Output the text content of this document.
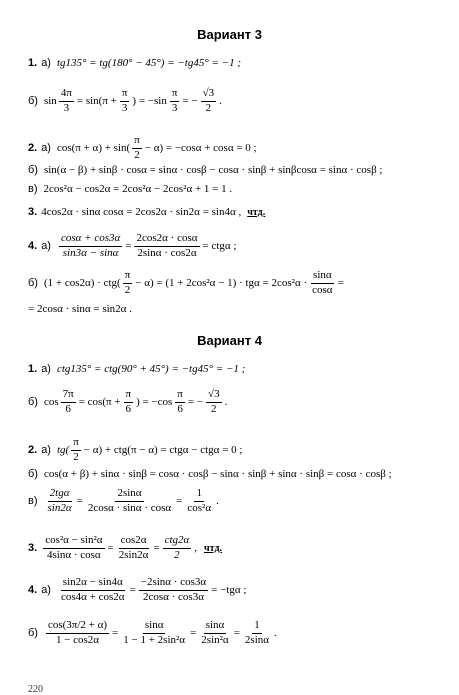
Вариант 3
1. а) tg135° = tg(180° − 45°) = −tg45° = −1 ;
б) $\sin \frac{4\pi}{3} = \sin(\pi + \frac{\pi}{3}$ ) = $-\sin \frac{\pi}{3}$ = − $\frac{√3}{2}$ .
2. а) $\cos(\pi + \alpha) + \sin( \frac{\pi}{2} - \alpha) = -\cos\alpha + \cos\alpha = 0$ ;
б) sin(α − β) + sinβ · cosα = sinα · cosβ − cosα · sinβ + sinβcosα = sinα · cosβ ;
в) 2cos²α − cos2α = 2cos²α − 2cos²α + 1 = 1 .
3. 4cos2α · sinα cosα = 2cos2α · sin2α = sin4α , чтд.
4. $а) \frac{\cos\alpha + \cos 3\alpha}{\sin 3\alpha - \sin\alpha} = \frac{2\cos 2\alpha \cdot \cos\alpha}{2\sin\alpha \cdot \cos 2\alpha} = ctg\alpha$ ;
б) $(1 + \cos 2\alpha) \cdot ctg( \frac{\pi}{2} - \alpha) = (1 + 2\cos^2\alpha - 1) \cdot tg\alpha = 2\cos^2\alpha \cdot \frac{\sin\alpha}{\cos\alpha}$ =
= 2cosα · sinα = sin2α .
Вариант 4
1. а) ctg135° = ctg(90° + 45°) = −tg45° = −1 ;
б) $\cos \frac{7\pi}{6} = \cos(\pi + \frac{\pi}{6}$ ) = $-\cos \frac{\pi}{6}$ = − $\frac{√3}{2}$ .
2. а) $tg( \frac{\pi}{2} - \alpha) + ctg(\pi - \alpha) = ctg\alpha - ctg\alpha = 0$ ;
б) cos(α + β) + sinα · sinβ = cosα · cosβ − sinα · sinβ + sinα · sinβ = cosα · cosβ ;
$в) \frac{\text{2tgα}}{\sin 2\alpha} = \frac{2\sin\alpha}{2\cos\alpha \cdot \sin\alpha \cdot \cos\alpha} = \frac{1}{\text{cos²α}}$ .
3. $\frac{\text{cos²α − sin²α}}{4\sin\alpha \cdot \cos\alpha} = \frac{\cos 2\alpha}{2\sin 2\alpha} = \frac{\text{ctg2α}}{2}$ , чтд.
4. $а) \frac{\sin 2\alpha - \sin 4\alpha}{\cos 4\alpha + \cos 2\alpha} = \frac{-2\sin\alpha \cdot \cos 3\alpha}{2\cos\alpha \cdot \cos 3\alpha} = -tg\alpha$ ;
$б) \frac{\cos(3\pi/2 + \alpha)}{1 - \cos 2\alpha} = \frac{\sin\alpha}{\text{1 − 1 + 2sin²α}} = \frac{\sin\alpha}{\text{2sin²α}} = \frac{1}{2\sin\alpha}$ .
220
